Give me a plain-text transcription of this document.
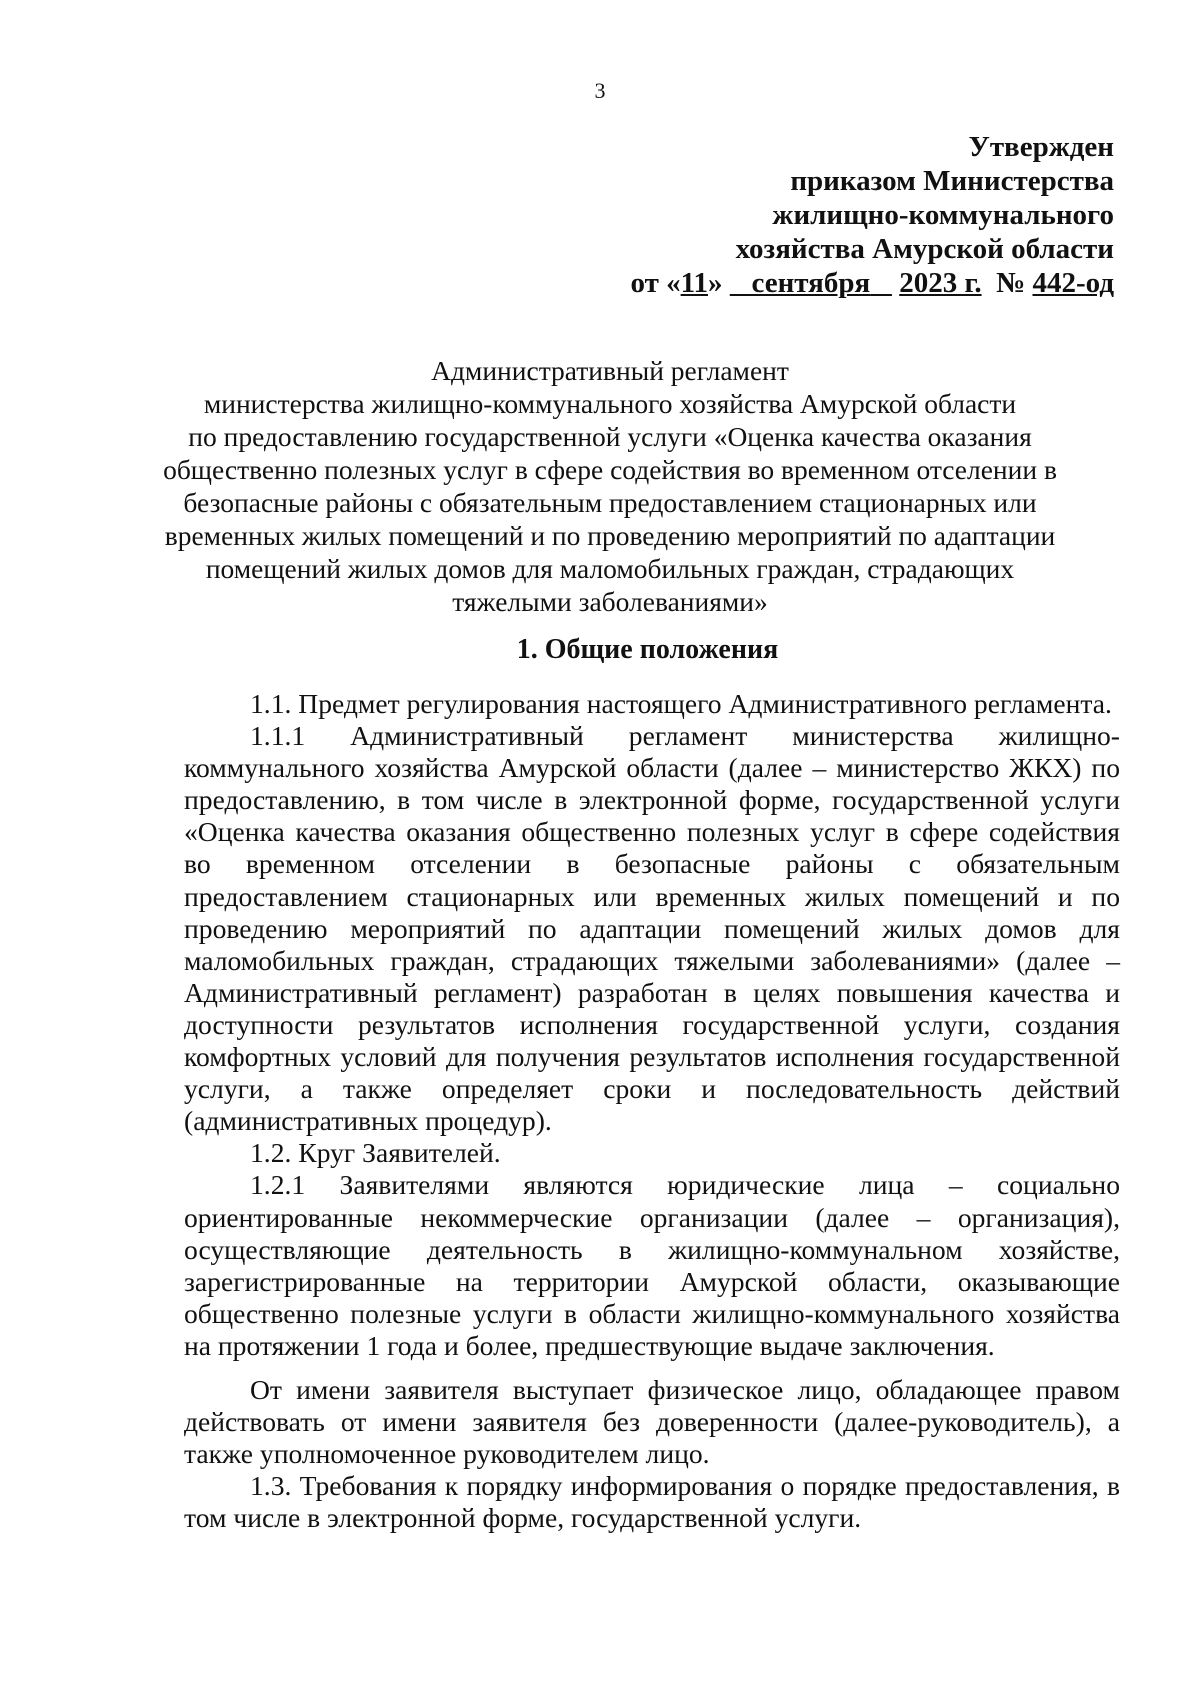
3
Утвержден
приказом Министерства
жилищно-коммунального
хозяйства Амурской области
от «11» сентября 2023 г. № 442-од
Административный регламент
министерства жилищно-коммунального хозяйства Амурской области
по предоставлению государственной услуги «Оценка качества оказания
общественно полезных услуг в сфере содействия во временном отселении в
безопасные районы с обязательным предоставлением стационарных или
временных жилых помещений и по проведению мероприятий по адаптации
помещений жилых домов для маломобильных граждан, страдающих
тяжелыми заболеваниями»
1. Общие положения

1.1. Предмет регулирования настоящего Административного регламента.

1.1.1 Административный регламент министерства жилищно-коммунального хозяйства Амурской области (далее – министерство ЖКХ) по предоставлению, в том числе в электронной форме, государственной услуги «Оценка качества оказания общественно полезных услуг в сфере содействия во временном отселении в безопасные районы с обязательным предоставлением стационарных или временных жилых помещений и по проведению мероприятий по адаптации помещений жилых домов для маломобильных граждан, страдающих тяжелыми заболеваниями» (далее – Административный регламент) разработан в целях повышения качества и доступности результатов исполнения государственной услуги, создания комфортных условий для получения результатов исполнения государственной услуги, а также определяет сроки и последовательность действий (административных процедур).

1.2. Круг Заявителей.

1.2.1 Заявителями являются юридические лица – социально ориентированные некоммерческие организации (далее – организация), осуществляющие деятельность в жилищно-коммунальном хозяйстве, зарегистрированные на территории Амурской области, оказывающие общественно полезные услуги в области жилищно-коммунального хозяйства на протяжении 1 года и более, предшествующие выдаче заключения.

От имени заявителя выступает физическое лицо, обладающее правом действовать от имени заявителя без доверенности (далее-руководитель), а также уполномоченное руководителем лицо.

1.3. Требования к порядку информирования о порядке предоставления, в том числе в электронной форме, государственной услуги.
